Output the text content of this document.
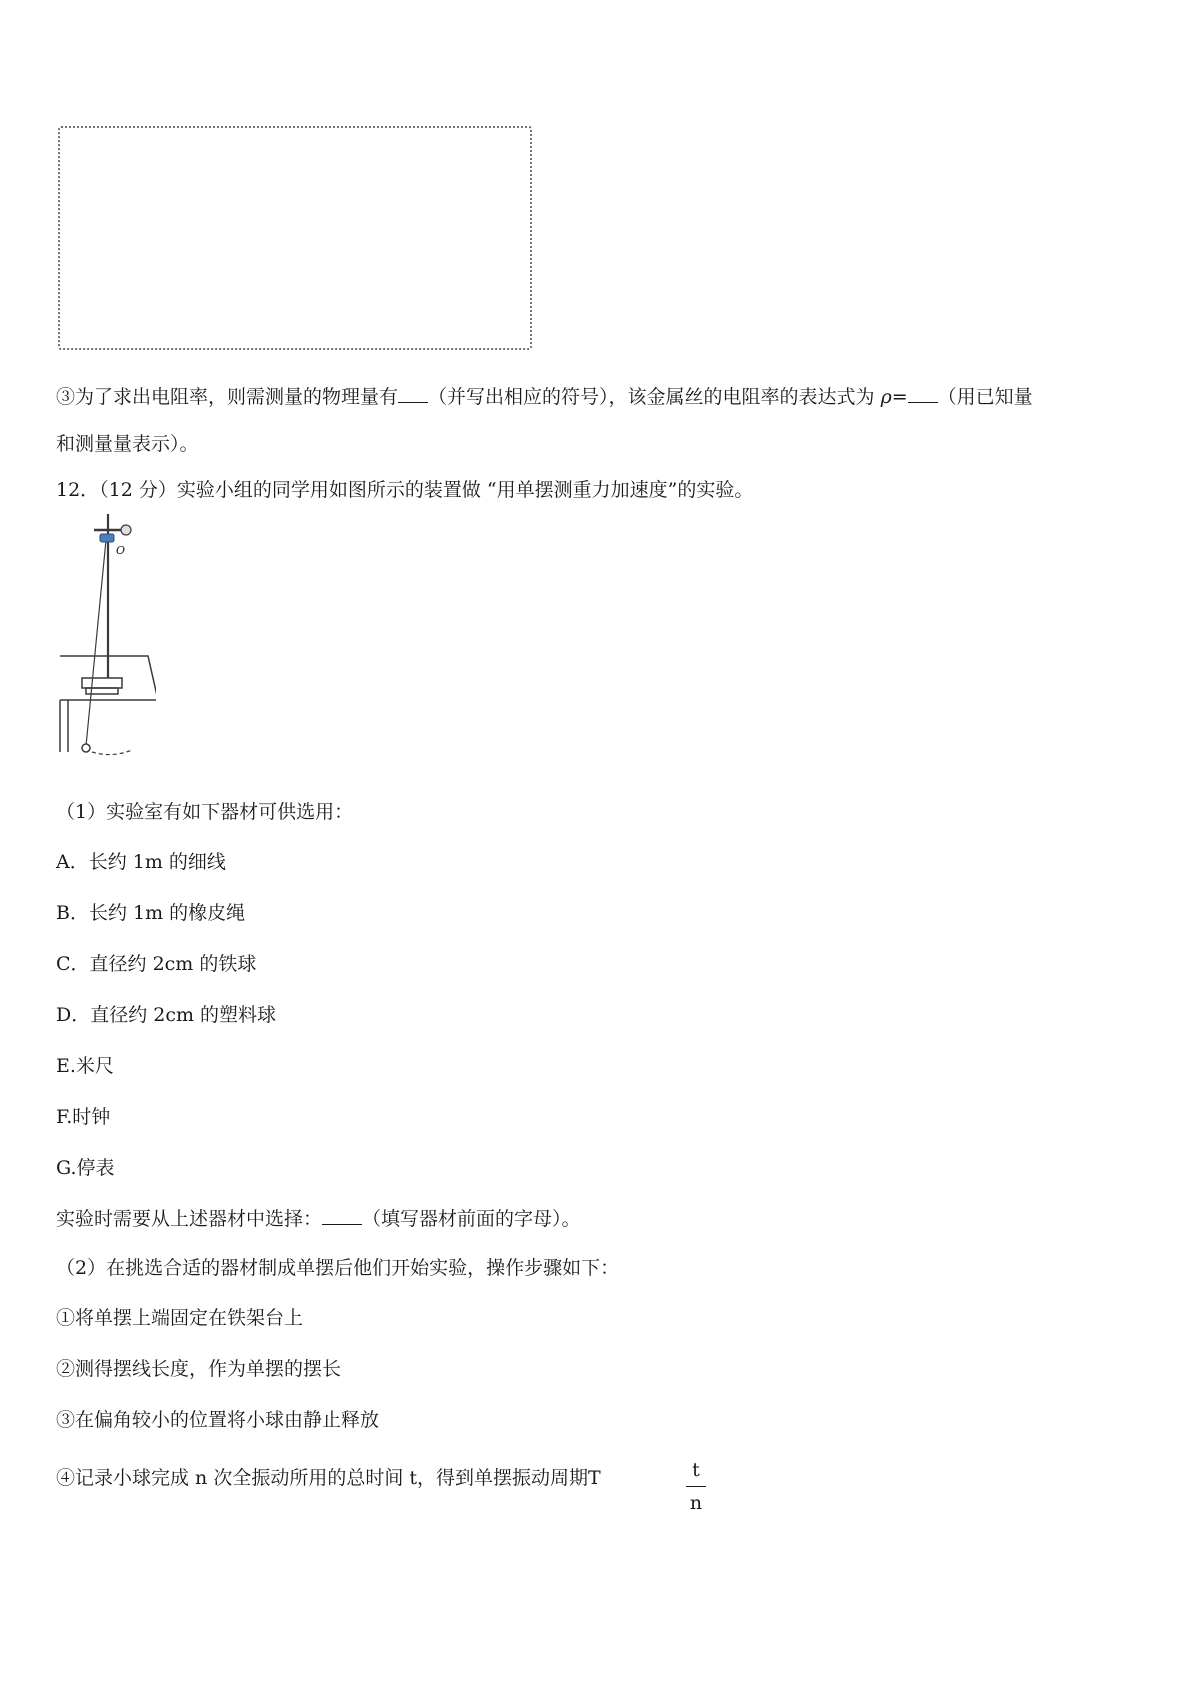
③为了求出电阻率，则需测量的物理量有 （并写出相应的符号），该金属丝的电阻率的表达式为 ρ= （用已知量
和测量量表示）。
12．（12 分）实验小组的同学用如图所示的装置做 “用单摆测重力加速度”的实验。
O
（1）实验室有如下器材可供选用：
A．长约 1m 的细线
B．长约 1m 的橡皮绳
C．直径约 2cm 的铁球
D．直径约 2cm 的塑料球
E.米尺
F.时钟
G.停表
实验时需要从上述器材中选择： （填写器材前面的字母）。
（2）在挑选合适的器材制成单摆后他们开始实验，操作步骤如下：
①将单摆上端固定在铁架台上
②测得摆线长度，作为单摆的摆长
③在偏角较小的位置将小球由静止释放
④记录小球完成 n 次全振动所用的总时间 t，得到单摆振动周期T	t
n
